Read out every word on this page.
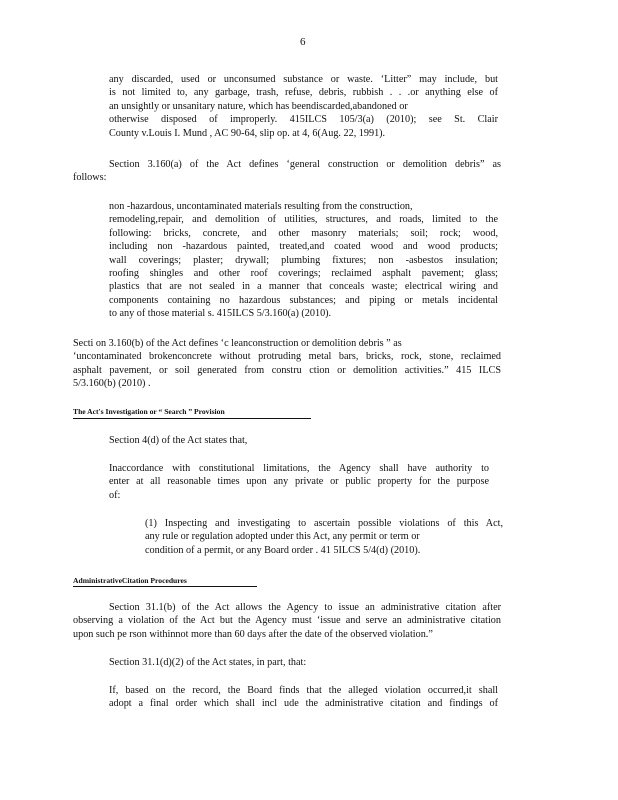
6
any discarded, used or unconsumed substance or waste. ‘Litter” may include, but
is not limited to, any garbage, trash, refuse, debris, rubbish . . .or anything else of
an unsightly or unsanitary nature, which has beendiscarded,abandoned or
otherwise disposed of improperly. 415ILCS 105/3(a) (2010); see St. Clair
County v.Louis I. Mund , AC 90-64, slip op. at 4, 6(Aug. 22, 1991).
Section 3.160(a) of the Act defines ‘general construction or demolition debris” as
follows:
non -hazardous, uncontaminated materials resulting from the construction,
remodeling,repair, and demolition of utilities, structures, and roads, limited to the
following: bricks, concrete, and other masonry materials; soil; rock; wood,
including non -hazardous painted, treated,and coated wood and wood products;
wall coverings; plaster; drywall; plumbing fixtures; non -asbestos insulation;
roofing shingles and other roof coverings; reclaimed asphalt pavement; glass;
plastics that are not sealed in a manner that conceals waste; electrical wiring and
components containing no hazardous substances; and piping or metals incidental
to any of those material s. 415ILCS 5/3.160(a) (2010).
Secti on 3.160(b) of the Act defines ‘c leanconstruction or demolition debris ” as
‘uncontaminated brokenconcrete without protruding metal bars, bricks, rock, stone, reclaimed
asphalt pavement, or soil generated from constru ction or demolition activities.” 415 ILCS
5/3.160(b) (2010) .
The Act's Investigation or “ Search ” Provision
Section 4(d) of the Act states that,
Inaccordance with constitutional limitations, the Agency shall have authority to
enter at all reasonable times upon any private or public property for the purpose
of:
(1) Inspecting and investigating to ascertain possible violations of this Act,
any rule or regulation adopted under this Act, any permit or term or
condition of a permit, or any Board order . 41 5ILCS 5/4(d) (2010).
AdministrativeCitation Procedures
Section 31.1(b) of the Act allows the Agency to issue an administrative citation after
observing a violation of the Act but the Agency must ‘issue and serve an administrative citation
upon such pe rson withinnot more than 60 days after the date of the observed violation.”
Section 31.1(d)(2) of the Act states, in part, that:
If, based on the record, the Board finds that the alleged violation occurred,it shall
adopt a final order which shall incl ude the administrative citation and findings of
